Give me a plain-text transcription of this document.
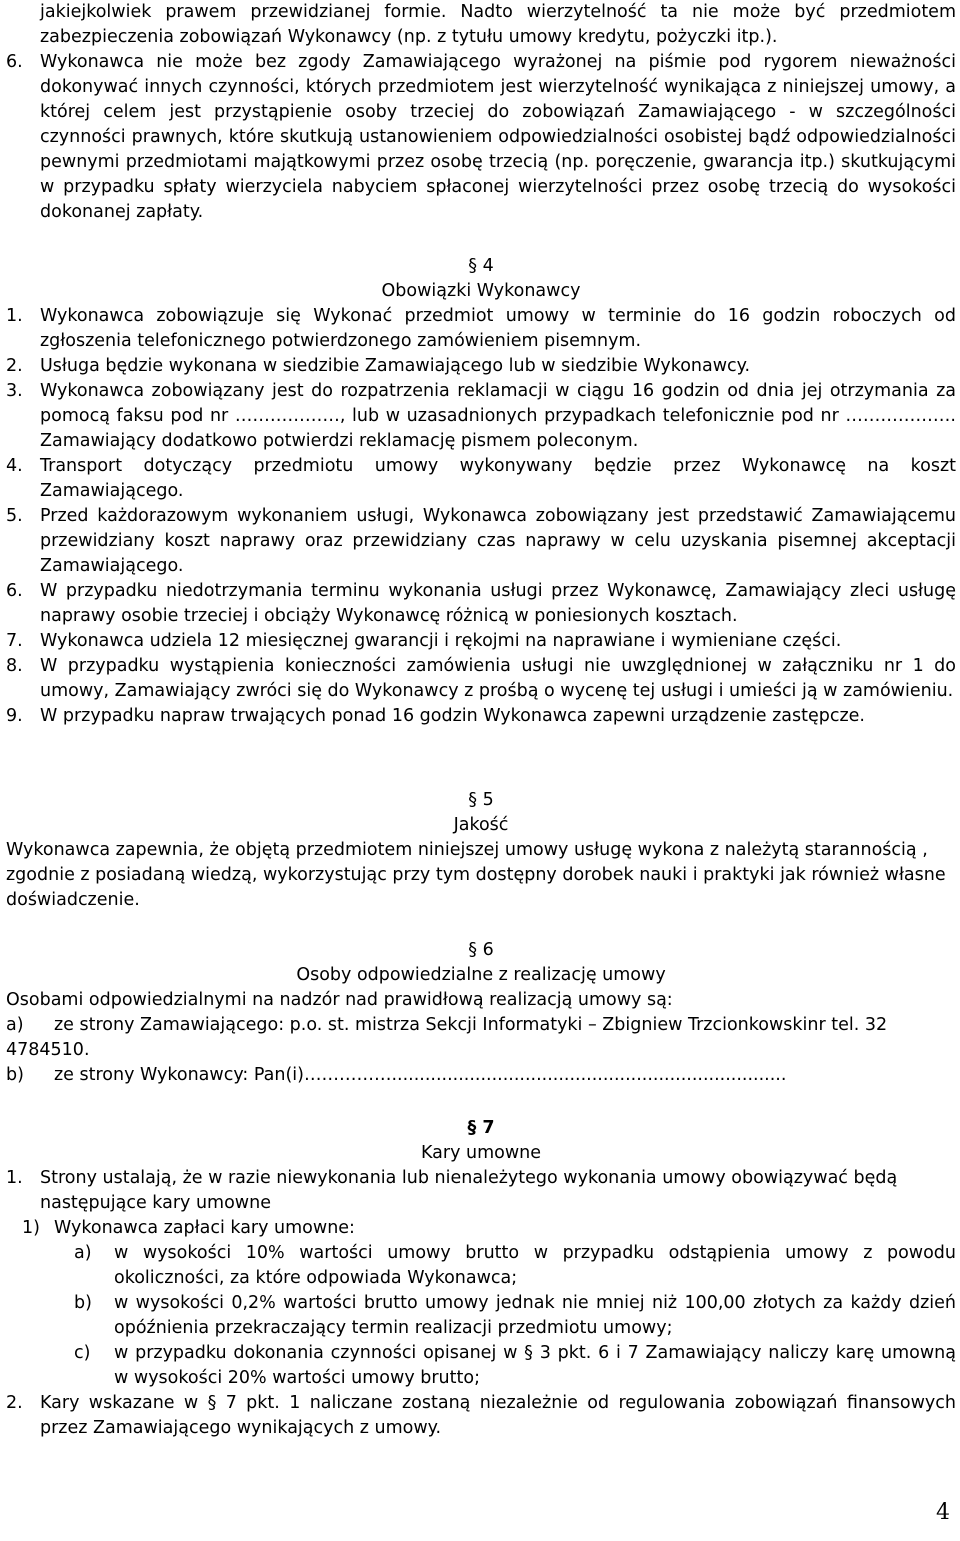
jakiejkolwiek prawem przewidzianej formie. Nadto wierzytelność ta nie może być przedmiotem zabezpieczenia zobowiązań Wykonawcy (np. z tytułu umowy kredytu, pożyczki itp.).

6. Wykonawca nie może bez zgody Zamawiającego wyrażonej na piśmie pod rygorem nieważności dokonywać innych czynności, których przedmiotem jest wierzytelność wynikająca z niniejszej umowy, a której celem jest przystąpienie osoby trzeciej do zobowiązań Zamawiającego - w szczególności czynności prawnych, które skutkują ustanowieniem odpowiedzialności osobistej bądź odpowiedzialności pewnymi przedmiotami majątkowymi przez osobę trzecią (np. poręczenie, gwarancja itp.) skutkującymi w przypadku spłaty wierzyciela nabyciem spłaconej wierzytelności przez osobę trzecią do wysokości dokonanej zapłaty.

§ 4

Obowiązki Wykonawcy

1. Wykonawca zobowiązuje się Wykonać przedmiot umowy w terminie do 16 godzin roboczych od zgłoszenia telefonicznego potwierdzonego zamówieniem pisemnym.
2. Usługa będzie wykonana w siedzibie Zamawiającego lub w siedzibie Wykonawcy.
3. Wykonawca zobowiązany jest do rozpatrzenia reklamacji w ciągu 16 godzin od dnia jej otrzymania za pomocą faksu pod nr ………………, lub w uzasadnionych przypadkach telefonicznie pod nr ………………. Zamawiający dodatkowo potwierdzi reklamację pismem poleconym.
4. Transport dotyczący przedmiotu umowy wykonywany będzie przez Wykonawcę na koszt Zamawiającego.
5. Przed każdorazowym wykonaniem usługi, Wykonawca zobowiązany jest przedstawić Zamawiającemu przewidziany koszt naprawy oraz przewidziany czas naprawy w celu uzyskania pisemnej akceptacji Zamawiającego.
6. W przypadku niedotrzymania terminu wykonania usługi przez Wykonawcę, Zamawiający zleci usługę naprawy osobie trzeciej i obciąży Wykonawcę różnicą w poniesionych kosztach.
7. Wykonawca udziela 12 miesięcznej gwarancji i rękojmi na naprawiane i wymieniane części.
8. W przypadku wystąpienia konieczności zamówienia usługi nie uwzględnionej w załączniku nr 1 do umowy, Zamawiający zwróci się do Wykonawcy z prośbą o wycenę tej usługi i umieści ją w zamówieniu.
9. W przypadku napraw trwających ponad 16 godzin Wykonawca zapewni urządzenie zastępcze.

§ 5

Jakość

Wykonawca zapewnia, że objętą przedmiotem niniejszej umowy usługę wykona z należytą starannością , zgodnie z posiadaną wiedzą, wykorzystując przy tym dostępny dorobek nauki i praktyki jak również własne doświadczenie.

§ 6

Osoby odpowiedzialne z realizację umowy

Osobami odpowiedzialnymi na nadzór nad prawidłową realizacją umowy są:

a)	ze strony Zamawiającego: p.o. st. mistrza Sekcji Informatyki – Zbigniew Trzcionkowskinr tel. 32

4784510.

b)	ze strony Wykonawcy: Pan(i)…………….......................................................................

§ 7

Kary umowne

1. Strony ustalają, że w razie niewykonania lub nienależytego wykonania umowy obowiązywać będą następujące kary umowne
1) Wykonawca zapłaci kary umowne:
a)	w wysokości 10% wartości umowy brutto w przypadku odstąpienia umowy z powodu okoliczności, za które odpowiada Wykonawca;
b)	w wysokości 0,2% wartości brutto umowy jednak nie mniej niż 100,00 złotych za każdy dzień opóźnienia przekraczający termin realizacji przedmiotu umowy;
c)	w przypadku dokonania czynności opisanej w § 3 pkt. 6 i 7 Zamawiający naliczy karę umowną w wysokości 20% wartości umowy brutto;
2. Kary wskazane w § 7 pkt. 1 naliczane zostaną niezależnie od regulowania zobowiązań finansowych przez Zamawiającego wynikających z umowy.
4
